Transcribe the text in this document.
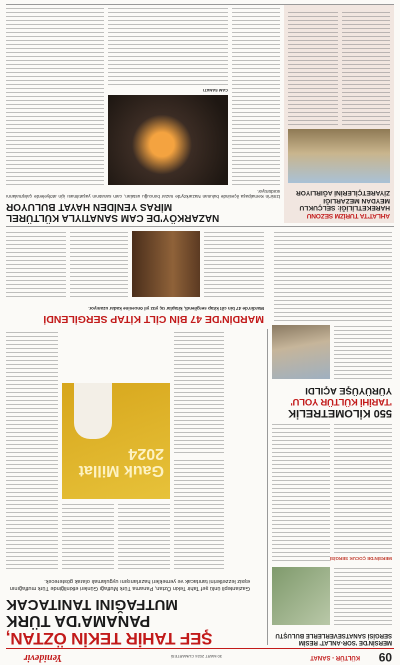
09
KÜLTÜR - SANAT
30 MART 2024 CUMARTESİ
Yenidevir
ŞEF TAHİR TEKİN ÖZTAN,
PANAMA'DA TÜRK
MUTFAĞINI TANITACAK
Gaziantepli ünlü şef Tahir Tekin Öztan, Panama Türk Mutfağı Günleri etkinliğinde Türk mutfağının eşsiz lezzetlerini tanıtacak ve yemekleri hazırlanışını uygulamalı olarak gösterecek.
Gauk Millat 2024
MERSİN'DE 'SOR-ANLAT' RESİM SERGİSİ SANATSEVERLERLE BULUŞTU
MERSİN'DE ÇOCUK SERGİSİ
550 KİLOMETRELİK
'TARİHİ KÜLTÜR YOLU'
YÜRÜYÜŞE AÇILDI
MARDİN'DE 47 BİN CİLT KİTAP SERGİLENDİ
Mardin'de 47 bin cilt kitap sergilendi, kitaplar üç yüz yıl öncesine kadar uzanıyor.
NAZARKÖY'DE CAM SANATIYLA KÜLTÜREL
MİRAS YENİDEN HAYAT BULUYOR
İzmir'in Kemalpaşa ilçesinde bulunan Nazarköy'de nazar boncuğu ustaları, cam sanatının yaşatılması için atölyelerde çalışmalarını sürdürüyor.
CAM SANATI
AHLAT'TA TURİZM SEZONU
HAREKETLİLİĞİ: SELÇUKLU
MEYDAN MEZARLIĞI
ZİYARETÇİLERİNİ AĞIRLIYOR
